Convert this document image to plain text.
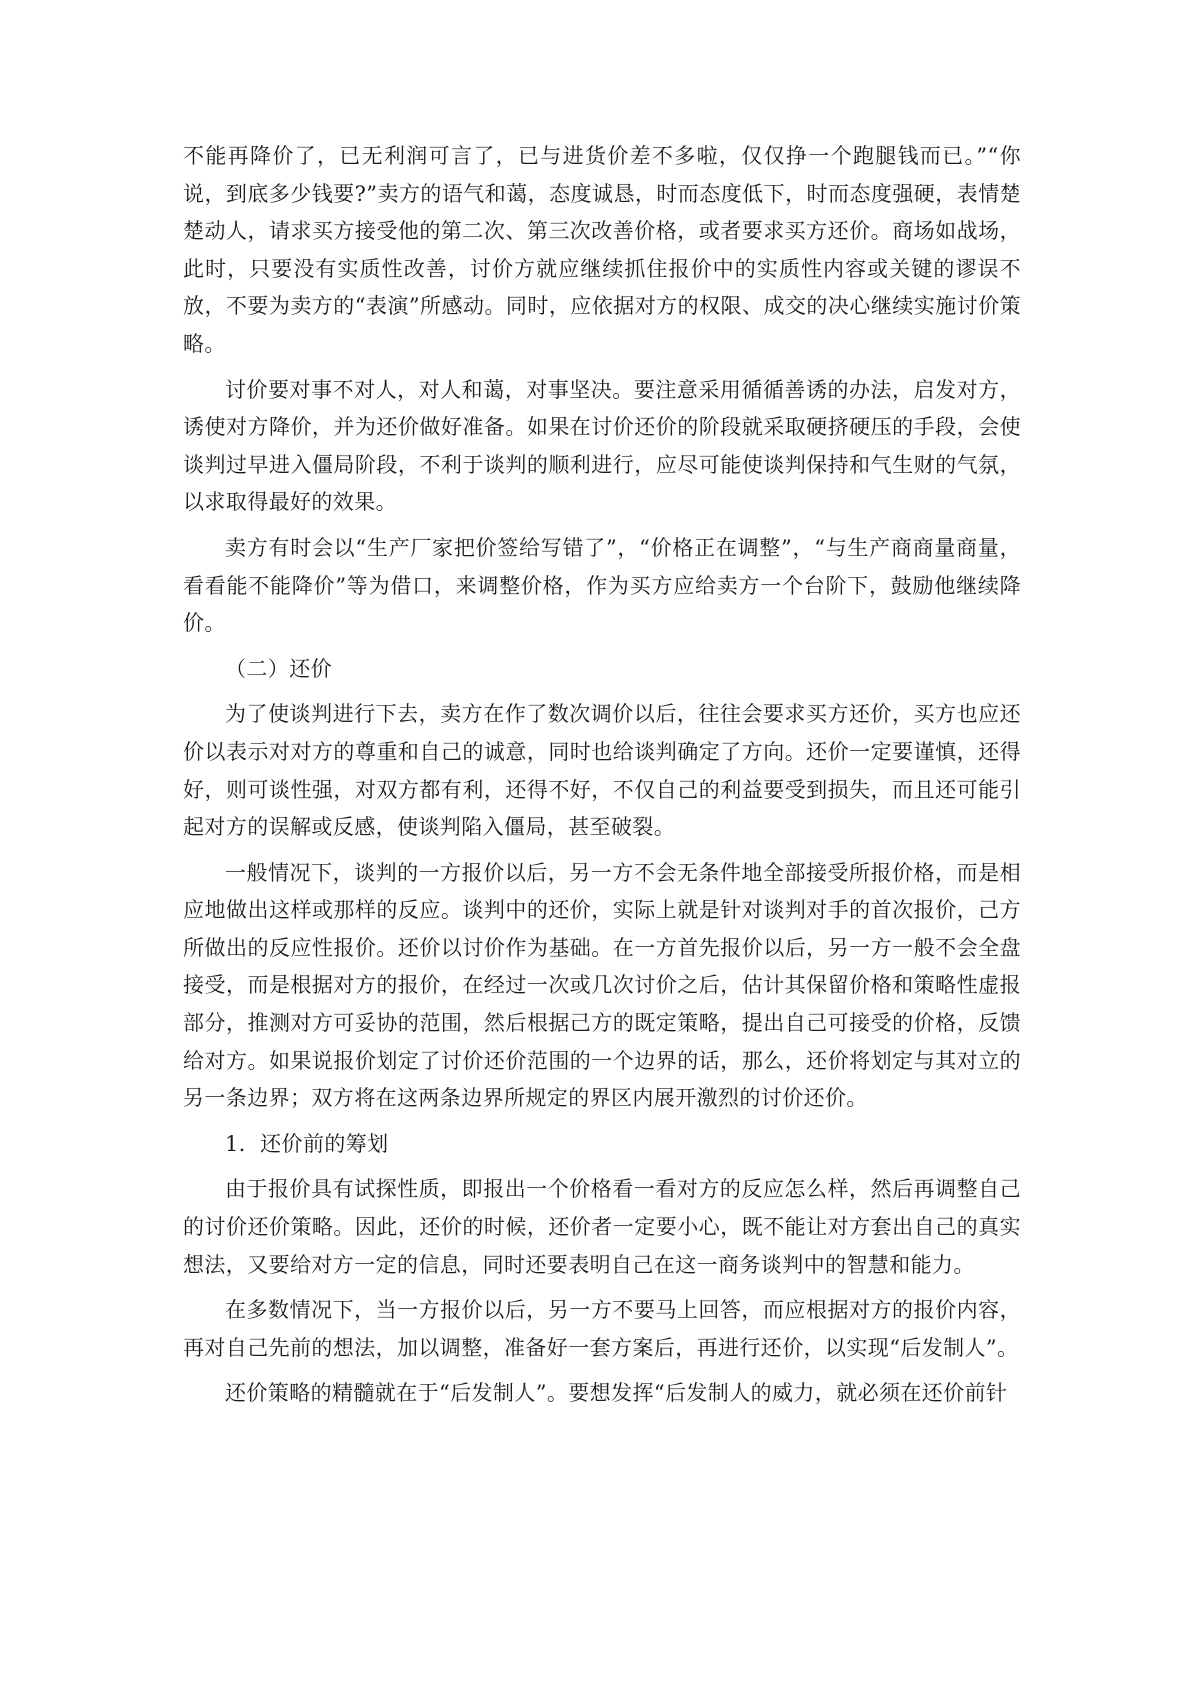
不能再降价了，已无利润可言了，已与进货价差不多啦，仅仅挣一个跑腿钱而已。”“你说，到底多少钱要?”卖方的语气和蔼，态度诚恳，时而态度低下，时而态度强硬，表情楚楚动人，请求买方接受他的第二次、第三次改善价格，或者要求买方还价。商场如战场，此时，只要没有实质性改善，讨价方就应继续抓住报价中的实质性内容或关键的谬误不放，不要为卖方的“表演”所感动。同时，应依据对方的权限、成交的决心继续实施讨价策略。

讨价要对事不对人，对人和蔼，对事坚决。要注意采用循循善诱的办法，启发对方，诱使对方降价，并为还价做好准备。如果在讨价还价的阶段就采取硬挤硬压的手段，会使谈判过早进入僵局阶段，不利于谈判的顺利进行，应尽可能使谈判保持和气生财的气氛，以求取得最好的效果。

卖方有时会以“生产厂家把价签给写错了”，“价格正在调整”，“与生产商商量商量，看看能不能降价”等为借口，来调整价格，作为买方应给卖方一个台阶下，鼓励他继续降价。

（二）还价

为了使谈判进行下去，卖方在作了数次调价以后，往往会要求买方还价，买方也应还价以表示对对方的尊重和自己的诚意，同时也给谈判确定了方向。还价一定要谨慎，还得好，则可谈性强，对双方都有利，还得不好，不仅自己的利益要受到损失，而且还可能引起对方的误解或反感，使谈判陷入僵局，甚至破裂。

一般情况下，谈判的一方报价以后，另一方不会无条件地全部接受所报价格，而是相应地做出这样或那样的反应。谈判中的还价，实际上就是针对谈判对手的首次报价，己方所做出的反应性报价。还价以讨价作为基础。在一方首先报价以后，另一方一般不会全盘接受，而是根据对方的报价，在经过一次或几次讨价之后，估计其保留价格和策略性虚报部分，推测对方可妥协的范围，然后根据己方的既定策略，提出自己可接受的价格，反馈给对方。如果说报价划定了讨价还价范围的一个边界的话，那么，还价将划定与其对立的另一条边界；双方将在这两条边界所规定的界区内展开激烈的讨价还价。

1．还价前的筹划

由于报价具有试探性质，即报出一个价格看一看对方的反应怎么样，然后再调整自己的讨价还价策略。因此，还价的时候，还价者一定要小心，既不能让对方套出自己的真实想法，又要给对方一定的信息，同时还要表明自己在这一商务谈判中的智慧和能力。

在多数情况下，当一方报价以后，另一方不要马上回答，而应根据对方的报价内容，再对自己先前的想法，加以调整，准备好一套方案后，再进行还价，以实现“后发制人”。

还价策略的精髓就在于“后发制人”。要想发挥“后发制人的威力，就必须在还价前针
